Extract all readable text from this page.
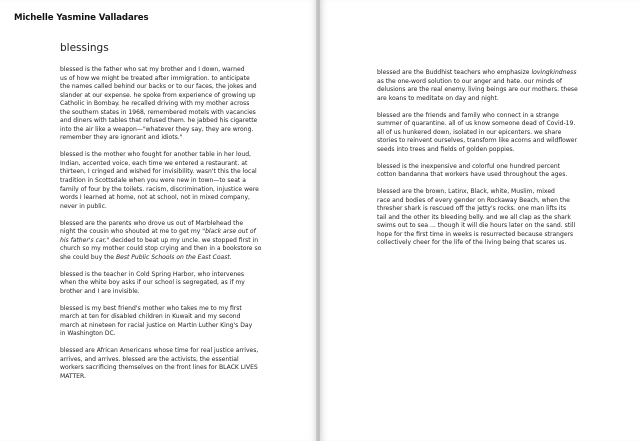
Michelle Yasmine Valladares
blessings
blessed is the father who sat my brother and I down, warned
us of how we might be treated after immigration. to anticipate
the names called behind our backs or to our faces, the jokes and
slander at our expense. he spoke from experience of growing up
Catholic in Bombay. he recalled driving with my mother across
the southern states in 1968, remembered motels with vacancies
and diners with tables that refused them. he jabbed his cigarette
into the air like a weapon—"whatever they say, they are wrong.
remember they are ignorant and idiots."
blessed is the mother who fought for another table in her loud,
Indian, accented voice, each time we entered a restaurant. at
thirteen, I cringed and wished for invisibility. wasn't this the local
tradition in Scottsdale when you were new in town—to seat a
family of four by the toilets. racism, discrimination, injustice were
words I learned at home, not at school, not in mixed company,
never in public.
blessed are the parents who drove us out of Marblehead the
night the cousin who shouted at me to get my "black arse out of
his father's car," decided to beat up my uncle. we stopped first in
church so my mother could stop crying and then in a bookstore so
she could buy the Best Public Schools on the East Coast.
blessed is the teacher in Cold Spring Harbor, who intervenes
when the white boy asks if our school is segregated, as if my
brother and I are invisible.
blessed is my best friend's mother who takes me to my first
march at ten for disabled children in Kuwait and my second
march at nineteen for racial justice on Martin Luther King's Day
in Washington DC.
blessed are African Americans whose time for real justice arrives,
arrives, and arrives. blessed are the activists, the essential
workers sacrificing themselves on the front lines for BLACK LIVES
MATTER.
blessed are the Buddhist teachers who emphasize lovingkindness
as the one-word solution to our anger and hate. our minds of
delusions are the real enemy. living beings are our mothers. these
are koans to meditate on day and night.
blessed are the friends and family who connect in a strange
summer of quarantine. all of us know someone dead of Covid-19.
all of us hunkered down, isolated in our epicenters. we share
stories to reinvent ourselves, transform like acorns and wildflower
seeds into trees and fields of golden poppies.
blessed is the inexpensive and colorful one hundred percent
cotton bandanna that workers have used throughout the ages.
blessed are the brown, Latinx, Black, white, Muslim, mixed
race and bodies of every gender on Rockaway Beach, when the
thresher shark is rescued off the jetty's rocks. one man lifts its
tail and the other its bleeding belly. and we all clap as the shark
swims out to sea ... though it will die hours later on the sand. still
hope for the first time in weeks is resurrected because strangers
collectively cheer for the life of the living being that scares us.
